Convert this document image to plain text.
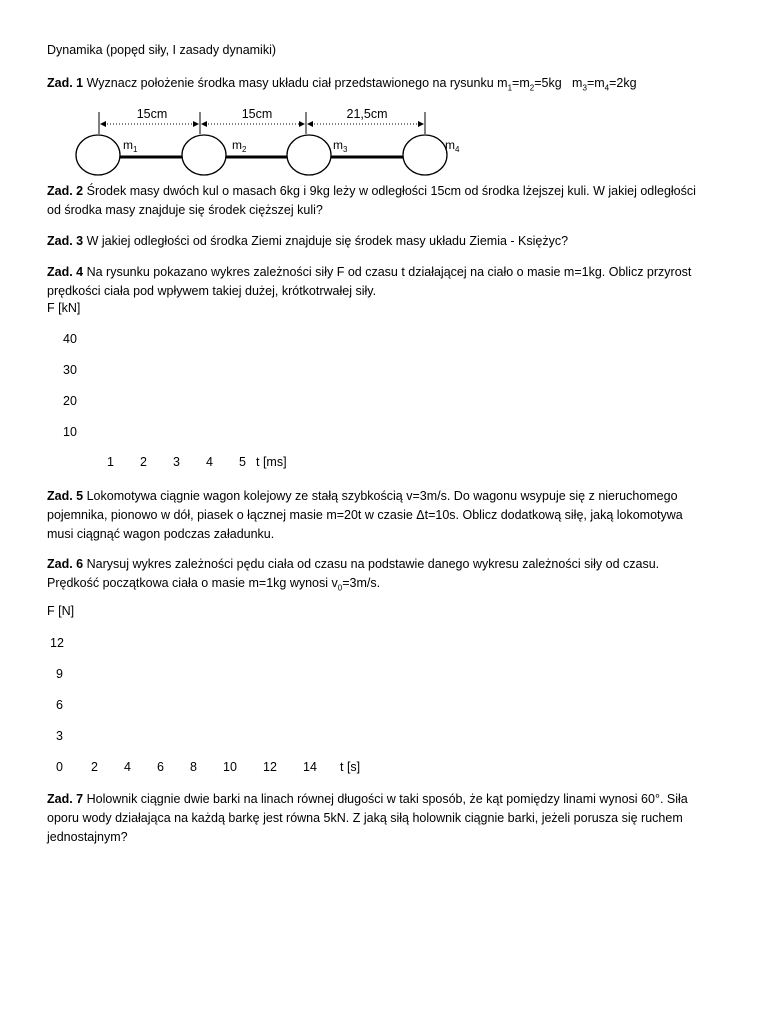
Dynamika (popęd siły, I zasady dynamiki)
Zad. 1 Wyznacz położenie środka masy układu ciał przedstawionego na rysunku $m_1=m_2=5kg$   $m_3=m_4=2kg$
15cm	15cm	21,5cm
$m_1$	$m_2$	$m_3$	$m_4$
Zad. 2 Środek masy dwóch kul o masach 6kg i 9kg leży w odległości 15cm od środka lżejszej kuli. W jakiej odległości
od środka masy znajduje się środek cięższej kuli?
Zad. 3 W jakiej odległości od środka Ziemi znajduje się środek masy układu Ziemia - Księżyc?
Zad. 4 Na rysunku pokazano wykres zależności siły F od czasu t działającej na ciało o masie m=1kg. Oblicz przyrost
prędkości ciała pod wpływem takiej dużej, krótkotrwałej siły.
F [kN]
40
30
20
10
1 2 3 4 5 t [ms]
Zad. 5 Lokomotywa ciągnie wagon kolejowy ze stałą szybkością v=3m/s. Do wagonu wsypuje się z nieruchomego
pojemnika, pionowo w dół, piasek o łącznej masie m=20t w czasie Δt=10s. Oblicz dodatkową siłę, jaką lokomotywa
musi ciągnąć wagon podczas załadunku.
Zad. 6 Narysuj wykres zależności pędu ciała od czasu na podstawie danego wykresu zależności siły od czasu.
Prędkość początkowa ciała o masie m=1kg wynosi $v_0=3m/s$.
F [N]
12
9
6
3
0 2 4 6 8 10 12 14 t [s]
Zad. 7 Holownik ciągnie dwie barki na linach równej długości w taki sposób, że kąt pomiędzy linami wynosi 60°. Siła
oporu wody działająca na każdą barkę jest równa 5kN. Z jaką siłą holownik ciągnie barki, jeżeli porusza się ruchem
jednostajnym?
